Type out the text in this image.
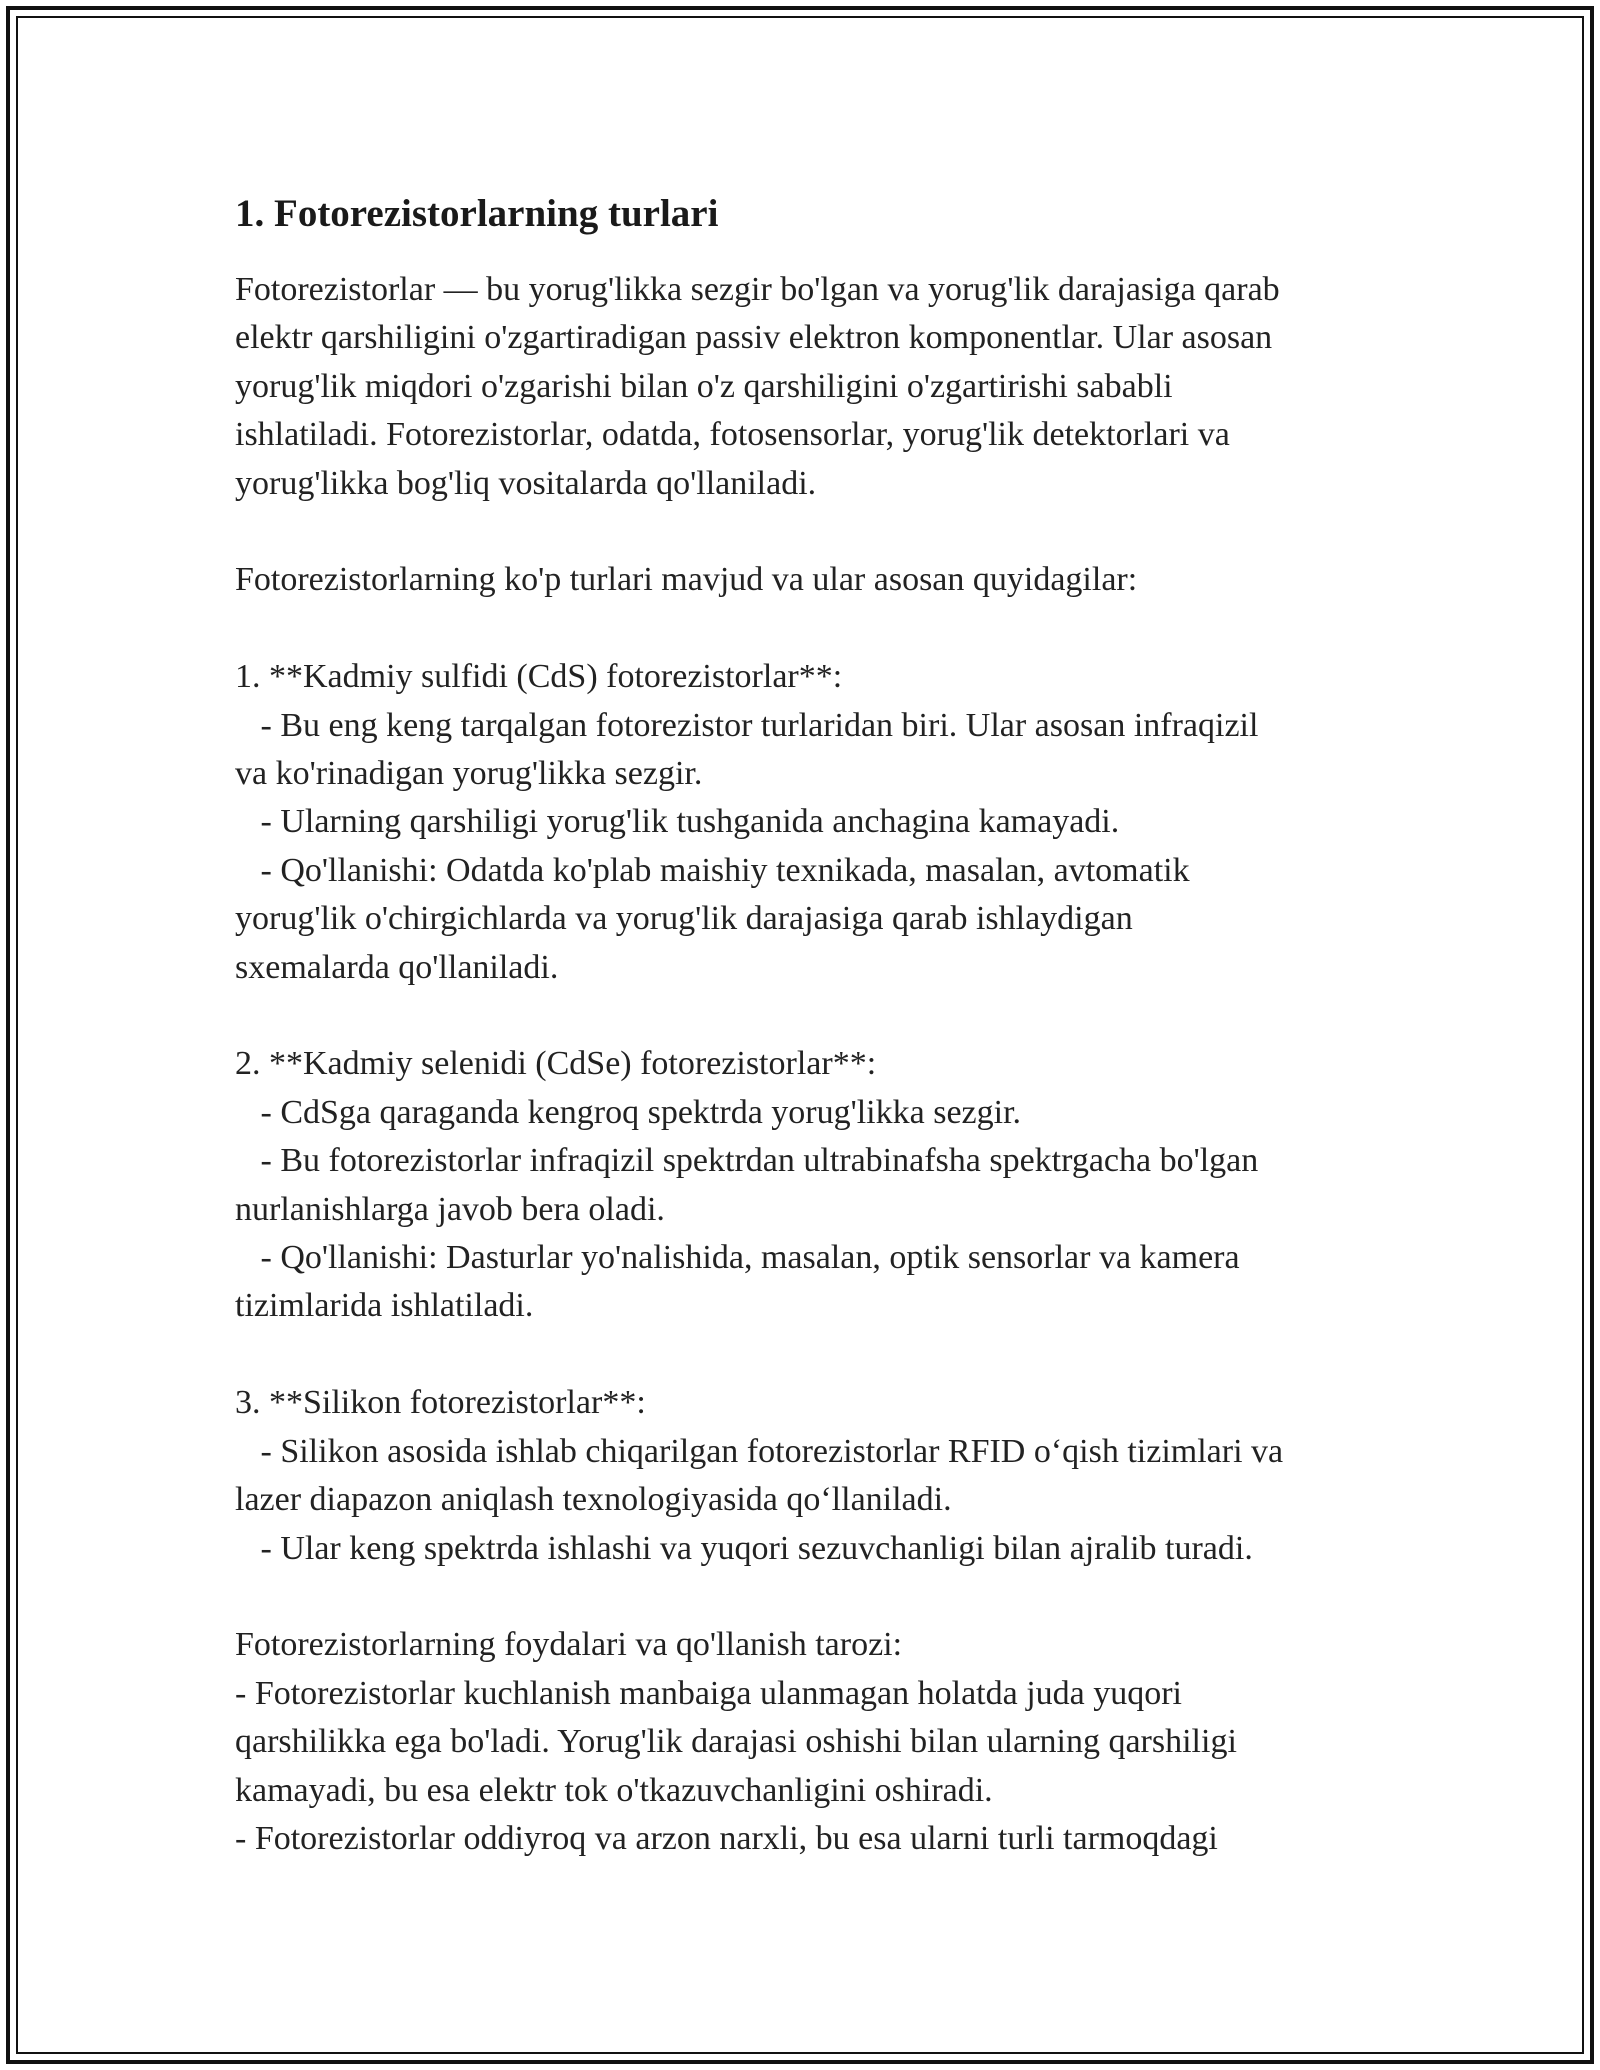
1. Fotorezistorlarning turlari
Fotorezistorlar — bu yorug'likka sezgir bo'lgan va yorug'lik darajasiga qarab
elektr qarshiligini o'zgartiradigan passiv elektron komponentlar. Ular asosan
yorug'lik miqdori o'zgarishi bilan o'z qarshiligini o'zgartirishi sababli
ishlatiladi. Fotorezistorlar, odatda, fotosensorlar, yorug'lik detektorlari va
yorug'likka bog'liq vositalarda qo'llaniladi.
Fotorezistorlarning ko'p turlari mavjud va ular asosan quyidagilar:
1. **Kadmiy sulfidi (CdS) fotorezistorlar**:
- Bu eng keng tarqalgan fotorezistor turlaridan biri. Ular asosan infraqizil
va ko'rinadigan yorug'likka sezgir.
- Ularning qarshiligi yorug'lik tushganida anchagina kamayadi.
- Qo'llanishi: Odatda ko'plab maishiy texnikada, masalan, avtomatik
yorug'lik o'chirgichlarda va yorug'lik darajasiga qarab ishlaydigan
sxemalarda qo'llaniladi.
2. **Kadmiy selenidi (CdSe) fotorezistorlar**:
- CdSga qaraganda kengroq spektrda yorug'likka sezgir.
- Bu fotorezistorlar infraqizil spektrdan ultrabinafsha spektrgacha bo'lgan
nurlanishlarga javob bera oladi.
- Qo'llanishi: Dasturlar yo'nalishida, masalan, optik sensorlar va kamera
tizimlarida ishlatiladi.
3. **Silikon fotorezistorlar**:
- Silikon asosida ishlab chiqarilgan fotorezistorlar RFID o‘qish tizimlari va
lazer diapazon aniqlash texnologiyasida qo‘llaniladi.
- Ular keng spektrda ishlashi va yuqori sezuvchanligi bilan ajralib turadi.
Fotorezistorlarning foydalari va qo'llanish tarozi:
- Fotorezistorlar kuchlanish manbaiga ulanmagan holatda juda yuqori
qarshilikka ega bo'ladi. Yorug'lik darajasi oshishi bilan ularning qarshiligi
kamayadi, bu esa elektr tok o'tkazuvchanligini oshiradi.
- Fotorezistorlar oddiyroq va arzon narxli, bu esa ularni turli tarmoqdagi
